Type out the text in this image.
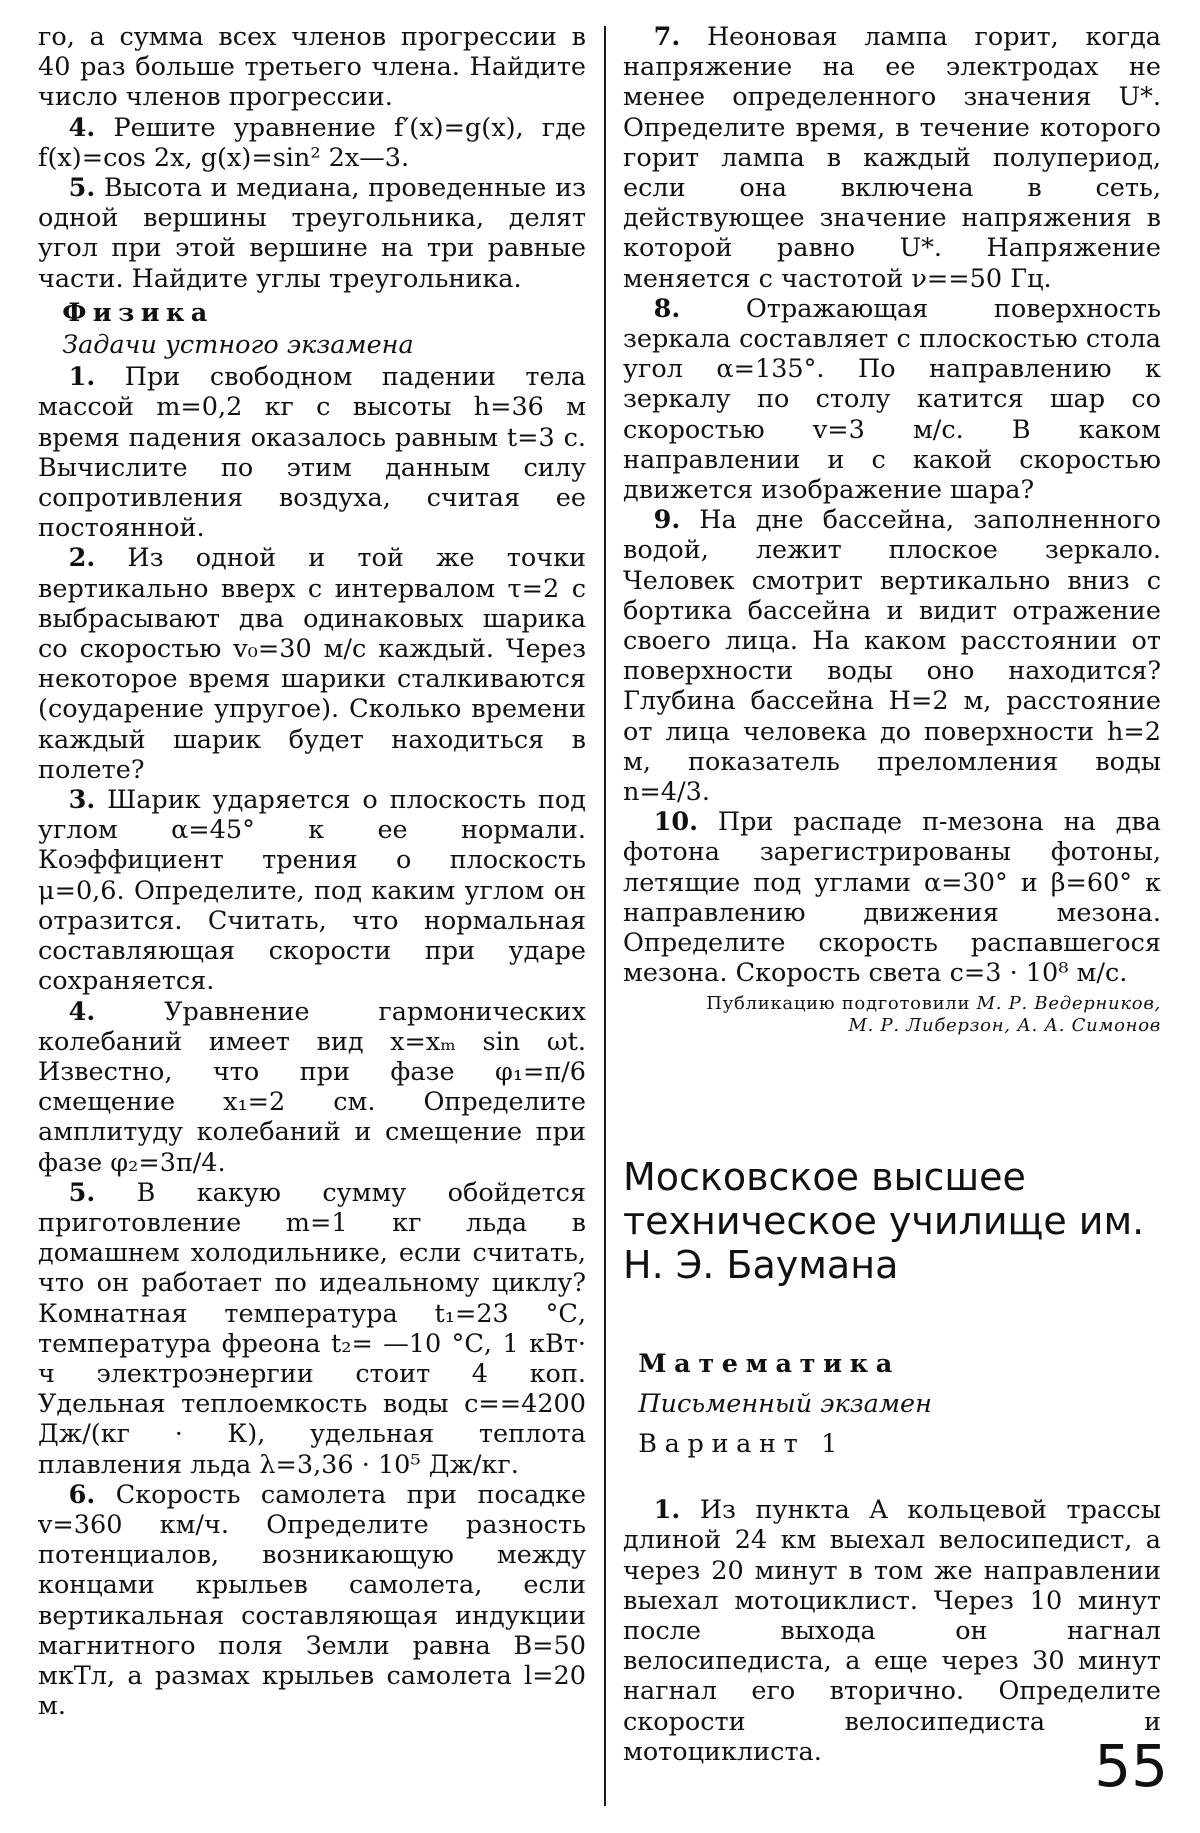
го, а сумма всех членов прогрессии в 40 раз больше третьего члена. Найдите число членов прогрессии.

4. Решите уравнение f′(x)=g(x), где f(x)=cos 2x, g(x)=sin² 2x—3.

5. Высота и медиана, проведенные из одной вершины треугольника, делят угол при этой вершине на три равные части. Найдите углы треугольника.

Физика
Задачи устного экзамена

1. При свободном падении тела массой m=0,2 кг с высоты h=36 м время падения оказалось равным t=3 с. Вычислите по этим данным силу сопротивления воздуха, считая ее постоянной.

2. Из одной и той же точки вертикально вверх с интервалом τ=2 с выбрасывают два одинаковых шарика со скоростью v₀=30 м/с каждый. Через некоторое время шарики сталкиваются (соударение упругое). Сколько времени каждый шарик будет находиться в полете?

3. Шарик ударяется о плоскость под углом α=45° к ее нормали. Коэффициент трения о плоскость μ=0,6. Определите, под каким углом он отразится. Считать, что нормальная составляющая скорости при ударе сохраняется.

4.	Уравнение гармонических колебаний имеет вид x=xₘ sin ωt. Известно, что при фазе φ₁=π/6 смещение x₁=2 см. Определите амплитуду колебаний и смещение при фазе φ₂=3π/4.

5. В какую сумму обойдется приготовление m=1 кг льда в домашнем холодильнике, если считать, что он работает по идеальному циклу? Комнатная температура t₁=23 °С, температура фреона t₂= —10 °С, 1 кВт· ч электроэнергии стоит 4 коп. Удельная теплоемкость воды c==4200 Дж/(кг · К), удельная теплота плавления льда λ=3,36 · 10⁵ Дж/кг.

6. Скорость самолета при посадке v=360 км/ч. Определите разность потенциалов, возникающую между концами крыльев самолета, если вертикальная составляющая индукции магнитного поля Земли равна B=50 мкТл, а размах крыльев самолета l=20 м.

7. Неоновая лампа горит, когда напряжение на ее электродах не менее определенного значения U*. Определите время, в течение которого горит лампа в каждый полупериод, если она включена в сеть, действующее значение напряжения в которой равно U*. Напряжение меняется с частотой ν==50 Гц.

8.	Отражающая поверхность зеркала составляет с плоскостью стола угол α=135°. По направлению к зеркалу по столу катится шар со скоростью v=3 м/с. В каком направлении и с какой скоростью движется изображение шара?

9. На дне бассейна, заполненного водой, лежит плоское зеркало. Человек смотрит вертикально вниз с бортика бассейна и видит отражение своего лица. На каком расстоянии от поверхности воды оно находится? Глубина бассейна H=2 м, расстояние от лица человека до поверхности h=2 м, показатель преломления воды n=4/3.

10. При распаде π-мезона на два фотона зарегистрированы фотоны, летящие под углами α=30° и β=60° к направлению движения мезона. Определите скорость распавшегося мезона. Скорость света c=3 · 10⁸ м/с.

Публикацию подготовили М. Р. Ведерников,
М. Р. Либерзон, А. А. Симонов
Московское высшее техническое училище им. Н. Э. Баумана
Математика
Письменный экзамен
Вариант 1

1. Из пункта A кольцевой трассы длиной 24 км выехал велосипедист, а через 20 минут в том же направлении выехал мотоциклист. Через 10 минут после выхода он нагнал велосипедиста, а еще через 30 минут нагнал его вторично. Определите скорости велосипедиста и мотоциклиста.	55
